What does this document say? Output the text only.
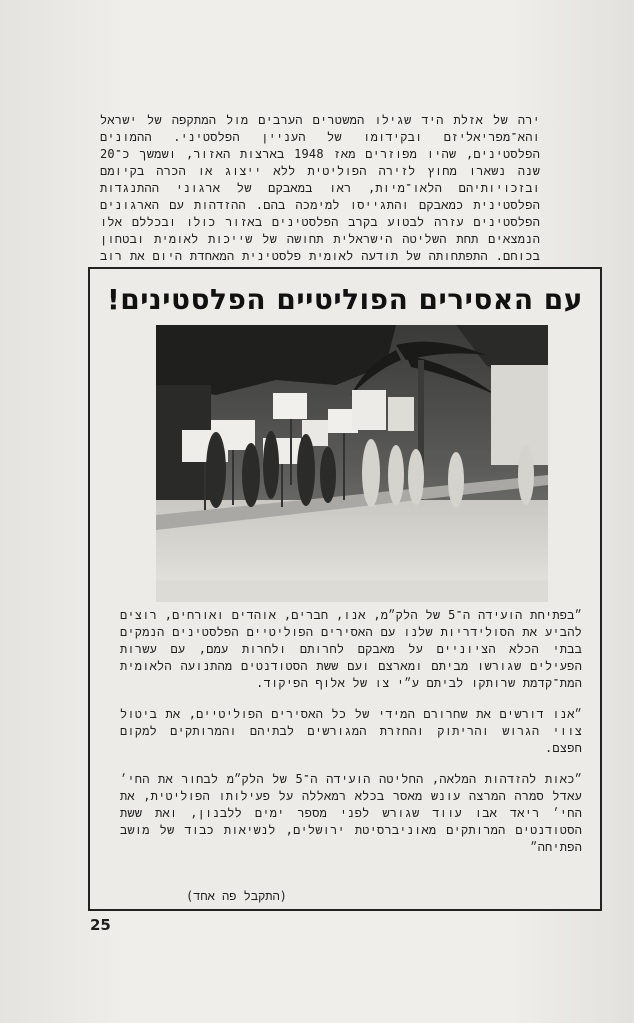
ירה של אזלת היד שגילו המשטרים הערבים מול המתקפה של ישראל והא־מפריאליזם ובקידומו של העניין הפלסטיני. ההמונים הפלסטינים, שהיו מפוזרים מאז 1948 בארצות האזור, ושמשך כ־20 שנה נשארו מחוץ לזירה הפוליטית ללא ייצוג או הכרה בקיומם ובזכויותיהם הלאו־מיות, ראו במאבקם של ארגוני ההתנגדות הפלסטינית כמאבקם והתגייסו למימכה בהם. ההזדהות עם הארגונים הפלסטינים עזרה לבטוע בקרב הפלסטינים באזור כולו ובכללם אלו הנמצאים תחת השליטה הישראלית תחושה של שייכות לאומית ובטחון בכוחם. התפתחותה של תודעה לאומית פלסטינית המאחדת היום את רוב

עם האסירים הפוליטיים הפלסטינים!

״בפתיחת הועידה ה־5 של הלק״מ, אנו, חברים, אוהדים ואורחים, רוצים להביע את הסולידריות שלנו עם האסירים הפוליטיים הפלסטינים הנמקים בבתי הכלא הציוניים על מאבקם לחרותם ולחרות עמם, עם עשרות הפעילים שגורשו מביתם ומארצם ועם ששת הסטודנטים מהתנועה הלאומית המת־קדמת שרותקו לביתם ע״י צו של אלוף הפיקוד.

״אנו דורשים את שחרורם המידי של כל האסירים הפוליטיים, את ביטול צווי הגרוש והריתוק והחזרת המגורשים לבתיהם והמרותקים למקום חפצם.

״כאות להזדהות המלאה, החליטה הועידה ה־5 של הלק״מ לבחור את החי׳ עאדל סמרה המרצה עונש מאסר בכלא רמאללה על פעילותו הפוליטית, את החי׳ ריאד אבו עווד שגורש לפני מספר ימים ללבנון, ואת ששת הסטודנטים המרותקים מאוניברסיטת ירושלים, לנשיאות כבוד של מושב הפתיחה״

(התקבל פה אחד)
25
